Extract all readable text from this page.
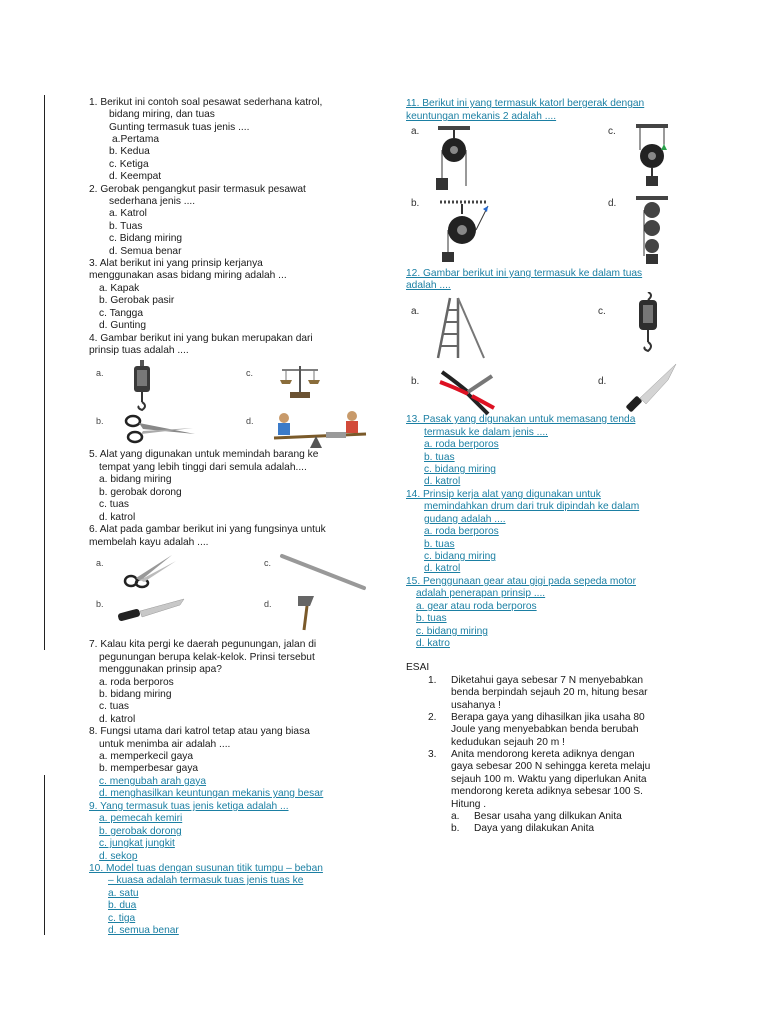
1. Berikut ini contoh soal pesawat sederhana katrol,
bidang miring, dan tuas
Gunting termasuk tuas jenis ....
a.Pertama
b. Kedua
c. Ketiga
d. Keempat
2. Gerobak pengangkut pasir termasuk pesawat
sederhana jenis ....
a. Katrol
b. Tuas
c. Bidang miring
d. Semua benar
3. Alat berikut ini yang prinsip kerjanya
menggunakan asas bidang miring adalah ...
a. Kapak
b. Gerobak pasir
c. Tangga
d. Gunting
4. Gambar berikut ini yang bukan merupakan dari
prinsip tuas adalah ....
a.	c.
b.	d.
5. Alat yang digunakan untuk memindah barang ke
tempat yang lebih tinggi dari semula adalah....
a. bidang miring
b. gerobak dorong
c. tuas
d. katrol
6. Alat pada gambar berikut ini yang fungsinya untuk
membelah kayu adalah ....
a.	c.
b.	d.
7. Kalau kita pergi ke daerah pegunungan, jalan di
pegunungan berupa kelak-kelok. Prinsi tersebut
menggunakan prinsip apa?
a. roda berporos
b. bidang miring
c. tuas
d. katrol
8. Fungsi utama dari katrol tetap atau yang biasa
untuk menimba air adalah ....
a. memperkecil gaya
b. memperbesar gaya
c. mengubah arah gaya
d. menghasilkan keuntungan mekanis yang besar
9. Yang termasuk tuas jenis ketiga adalah ...
a. pemecah kemiri
b. gerobak dorong
c. jungkat jungkit
d. sekop
10. Model tuas dengan susunan titik tumpu – beban
– kuasa adalah termasuk tuas jenis tuas ke
a. satu
b. dua
c. tiga
d. semua benar
11. Berikut ini yang termasuk katorl bergerak dengan
keuntungan mekanis 2 adalah ....
a.	c.
b.	d.
12. Gambar berikut ini yang termasuk ke dalam tuas
adalah ....
a.	c.
b.	d.
13. Pasak yang digunakan untuk memasang tenda
termasuk ke dalam jenis ....
a. roda berporos
b. tuas
c. bidang miring
d. katrol
14. Prinsip kerja alat yang digunakan untuk
memindahkan drum dari truk dipindah ke dalam
gudang adalah ....
a. roda berporos
b. tuas
c. bidang miring
d. katrol
15. Penggunaan gear atau gigi pada sepeda motor
adalah penerapan prinsip ....
a. gear atau roda berporos
b. tuas
c. bidang miring
d. katro
ESAI
1. Diketahui gaya sebesar 7 N menyebabkan
benda berpindah sejauh 20 m, hitung besar
usahanya !
2. Berapa gaya yang dihasilkan jika usaha 80
Joule yang menyebabkan benda berubah
kedudukan sejauh 20 m !
3. Anita mendorong kereta adiknya dengan
gaya sebesar 200 N sehingga kereta melaju
sejauh 100 m. Waktu yang diperlukan Anita
mendorong kereta adiknya sebesar 100 S.
Hitung .
a. Besar usaha yang dilkukan Anita
b. Daya yang dilakukan Anita
